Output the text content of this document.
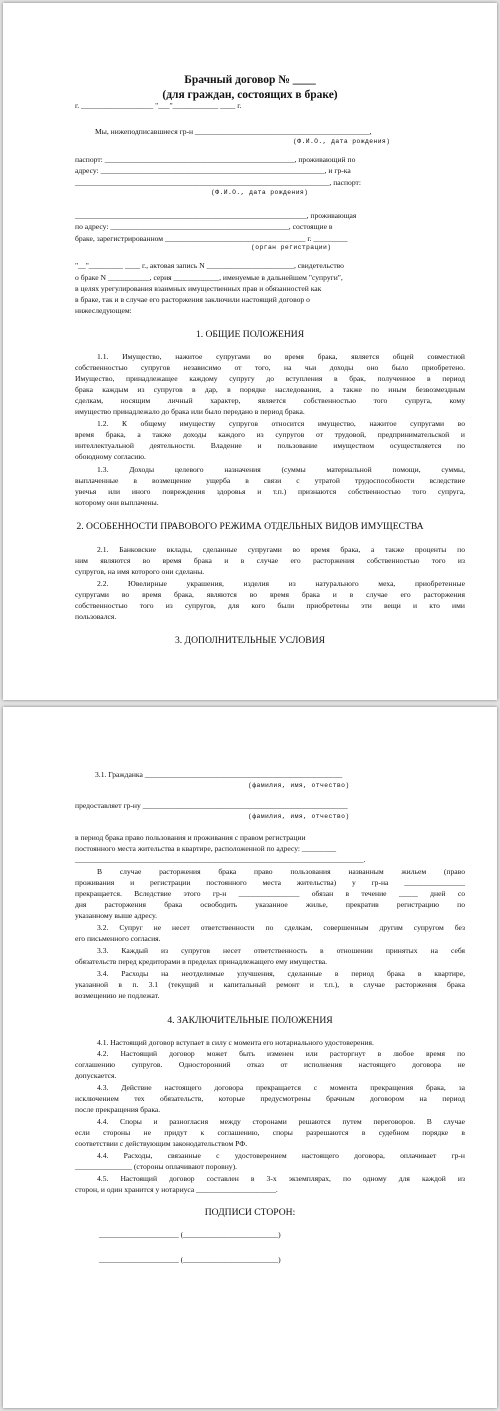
Брачный договор № ____
(для граждан, состоящих в браке)
г. ___________________ "___"____________ ____ г.
Мы, нижеподписавшиеся гр-н ______________________________________________,
(Ф.И.О., дата рождения)
паспорт: __________________________________________________, проживающий по
адресу: ___________________________________________________________, и гр-ка
___________________________________________________________________, паспорт:
(Ф.И.О., дата рождения)
_____________________________________________________________, проживающая
по адресу: _______________________________________________, состоящие в
браке, зарегистрированном _____________________________________ г. _________
(орган регистрации)
"__"_________ ____ г., актовая запись N _______________________, свидетельство
о браке N ___________, серия ____________, именуемые в дальнейшем "супруги",
в целях урегулирования взаимных имущественных прав и обязанностей как
в браке, так и в случае его расторжения заключили настоящий договор о
нижеследующем:
1. ОБЩИЕ ПОЛОЖЕНИЯ
1.1. Имущество, нажитое супругами во время брака, является общей совместной
собственностью супругов независимо от того, на чьи доходы оно было приобретено.
Имущество, принадлежащее каждому супругу до вступления в брак, полученное в период
брака каждым из супругов в дар, в порядке наследования, а также по иным безвозмездным
сделкам, носящим личный характер, является собственностью того супруга, кому
имущество принадлежало до брака или было передано в период брака.
1.2. К общему имуществу супругов относится имущество, нажитое супругами во
время брака, а также доходы каждого из супругов от трудовой, предпринимательской и
интеллектуальной деятельности. Владение и пользование имуществом осуществляется по
обоюдному согласию.
1.3. Доходы целевого назначения (суммы материальной помощи, суммы,
выплаченные в возмещение ущерба в связи с утратой трудоспособности вследствие
увечья или иного повреждения здоровья и т.п.) признаются собственностью того супруга,
которому они выплачены.
2. ОСОБЕННОСТИ ПРАВОВОГО РЕЖИМА ОТДЕЛЬНЫХ ВИДОВ ИМУЩЕСТВА
2.1. Банковские вклады, сделанные супругами во время брака, а также проценты по
ним являются во время брака и в случае его расторжения собственностью того из
супругов, на имя которого они сделаны.
2.2. Ювелирные украшения, изделия из натурального меха, приобретенные
супругами во время брака, являются во время брака и в случае его расторжения
собственностью того из супругов, для кого были приобретены эти вещи и кто ими
пользовался.
3. ДОПОЛНИТЕЛЬНЫЕ УСЛОВИЯ
3.1. Гражданка ____________________________________________________
(фамилия, имя, отчество)
предоставляет гр-ну ______________________________________________________
(фамилия, имя, отчество)
в период брака право пользования и проживания с правом регистрации
постоянного места жительства в квартире, расположенной по адресу: _________
____________________________________________________________________________.
В случае расторжения брака право пользования названным жильем (право
проживания и регистрации постоянного места жительства) у гр-на ________________
прекращается. Вследствие этого гр-н ________________ обязан в течение _____ дней со
дня расторжения брака освободить указанное жилье, прекратив регистрацию по
указанному выше адресу.
3.2. Супруг не несет ответственности по сделкам, совершенным другим супругом без
его письменного согласия.
3.3. Каждый из супругов несет ответственность в отношении принятых на себя
обязательств перед кредиторами в пределах принадлежащего ему имущества.
3.4. Расходы на неотделимые улучшения, сделанные в период брака в квартире,
указанной в п. 3.1 (текущий и капитальный ремонт и т.п.), в случае расторжения брака
возмещению не подлежат.
4. ЗАКЛЮЧИТЕЛЬНЫЕ ПОЛОЖЕНИЯ
4.1. Настоящий договор вступает в силу с момента его нотариального удостоверения.
4.2. Настоящий договор может быть изменен или расторгнут в любое время по
соглашению супругов. Односторонний отказ от исполнения настоящего договора не
допускается.
4.3. Действие настоящего договора прекращается с момента прекращения брака, за
исключением тех обязательств, которые предусмотрены брачным договором на период
после прекращения брака.
4.4. Споры и разногласия между сторонами решаются путем переговоров. В случае
если стороны не придут к соглашению, споры разрешаются в судебном порядке в
соответствии с действующим законодательством РФ.
4.4. Расходы, связанные с удостоверением настоящего договора, оплачивает гр-н
_______________ (стороны оплачивают поровну).
4.5. Настоящий договор составлен в 3-х экземплярах, по одному для каждой из
сторон, и один хранится у нотариуса _____________________.
ПОДПИСИ СТОРОН:
_____________________ (_________________________)
_____________________ (_________________________)
